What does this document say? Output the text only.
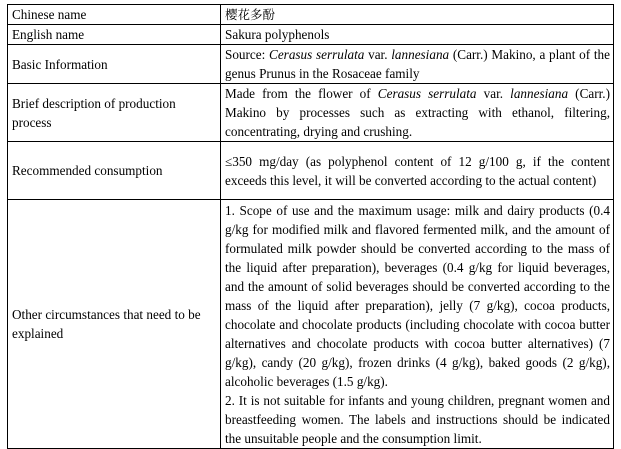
Chinese name	樱花多酚
English name	Sakura polyphenols
Basic Information	Source: Cerasus serrulata var. lannesiana (Carr.) Makino, a plant of the genus Prunus in the Rosaceae family
Brief description of production process	Made from the flower of Cerasus serrulata var. lannesiana (Carr.) Makino by processes such as extracting with ethanol, filtering, concentrating, drying and crushing.
Recommended consumption	≤350 mg/day (as polyphenol content of 12 g/100 g, if the content exceeds this level, it will be converted according to the actual content)
Other circumstances that need to be explained	1. Scope of use and the maximum usage: milk and dairy products (0.4 g/kg for modified milk and flavored fermented milk, and the amount of formulated milk powder should be converted according to the mass of the liquid after preparation), beverages (0.4 g/kg for liquid beverages, and the amount of solid beverages should be converted according to the mass of the liquid after preparation), jelly (7 g/kg), cocoa products, chocolate and chocolate products (including chocolate with cocoa butter alternatives and chocolate products with cocoa butter alternatives) (7 g/kg), candy (20 g/kg), frozen drinks (4 g/kg), baked goods (2 g/kg), alcoholic beverages (1.5 g/kg).
2. It is not suitable for infants and young children, pregnant women and breastfeeding women. The labels and instructions should be indicated the unsuitable people and the consumption limit.
